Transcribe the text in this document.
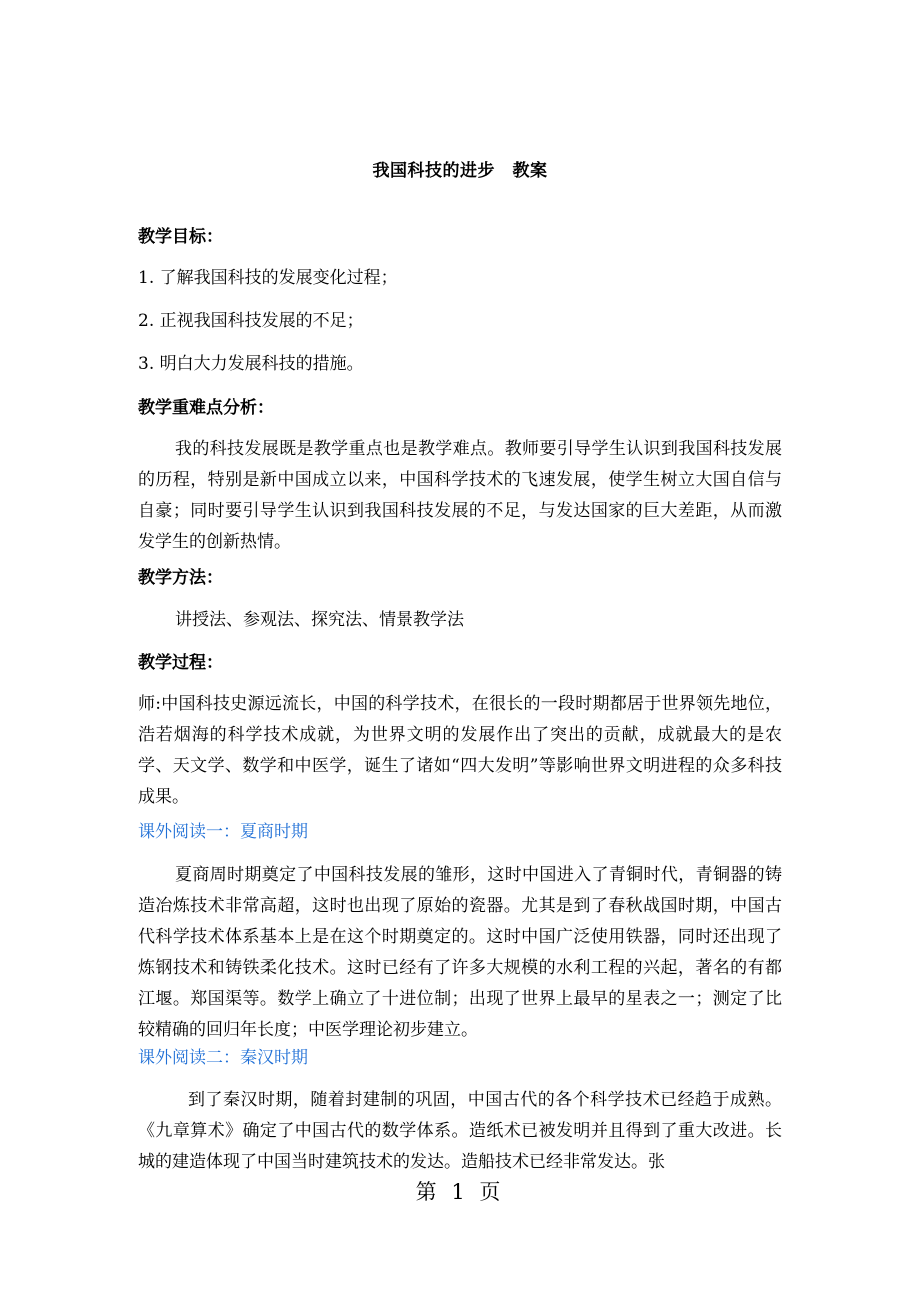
我国科技的进步　教案
教学目标：
1. 了解我国科技的发展变化过程；
2. 正视我国科技发展的不足；
3. 明白大力发展科技的措施。
教学重难点分析：
我的科技发展既是教学重点也是教学难点。教师要引导学生认识到我国科技发展的历程，特别是新中国成立以来，中国科学技术的飞速发展，使学生树立大国自信与自豪；同时要引导学生认识到我国科技发展的不足，与发达国家的巨大差距，从而激发学生的创新热情。
教学方法：
讲授法、参观法、探究法、情景教学法
教学过程：
师:中国科技史源远流长，中国的科学技术，在很长的一段时期都居于世界领先地位，浩若烟海的科学技术成就，为世界文明的发展作出了突出的贡献，成就最大的是农学、天文学、数学和中医学，诞生了诸如“四大发明”等影响世界文明进程的众多科技成果。
课外阅读一：夏商时期
夏商周时期奠定了中国科技发展的雏形，这时中国进入了青铜时代，青铜器的铸造冶炼技术非常高超，这时也出现了原始的瓷器。尤其是到了春秋战国时期，中国古代科学技术体系基本上是在这个时期奠定的。这时中国广泛使用铁器，同时还出现了炼钢技术和铸铁柔化技术。这时已经有了许多大规模的水利工程的兴起，著名的有都江堰。郑国渠等。数学上确立了十进位制；出现了世界上最早的星表之一；测定了比较精确的回归年长度；中医学理论初步建立。
课外阅读二：秦汉时期
到了秦汉时期，随着封建制的巩固，中国古代的各个科学技术已经趋于成熟。《九章算术》确定了中国古代的数学体系。造纸术已被发明并且得到了重大改进。长城的建造体现了中国当时建筑技术的发达。造船技术已经非常发达。张
第 1 页
